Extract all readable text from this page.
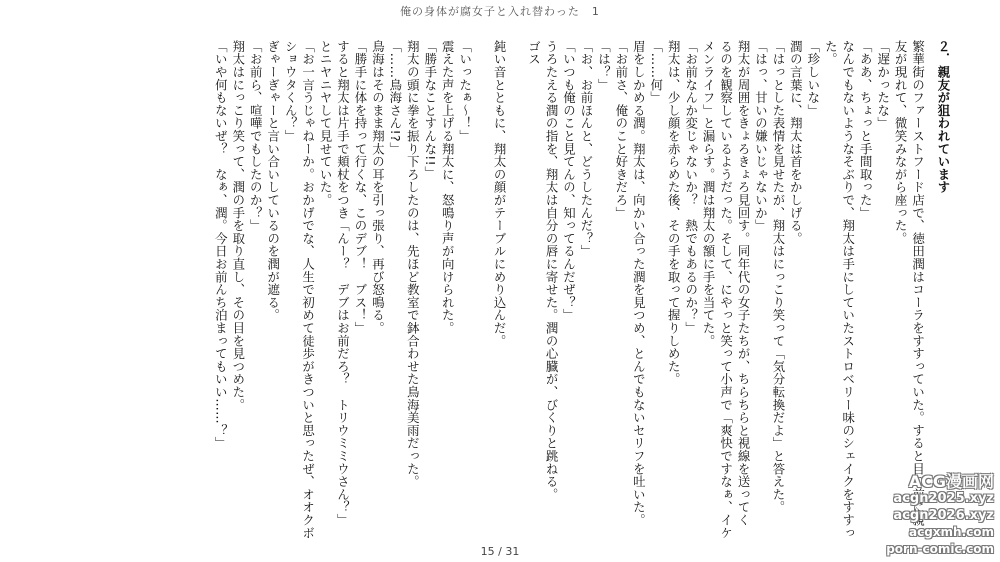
俺の身体が腐女子と入れ替わった　1

２．親友が狙われています

繁華街のファーストフード店で、徳田潤はコーラをすすっていた。すると目の前に親

友が現れて、微笑みながら座った。

「遅かったな」

「ああ、ちょっと手間取った」

なんでもないようなそぶりで、翔太は手にしていたストロベリー味のシェイクをすすっ

た。

「珍しいな」

潤の言葉に、翔太は首をかしげる。

「はっとした表情を見せたが、翔太はにっこり笑って「気分転換だよ」と答えた。

「はっ、甘いの嫌いじゃないか」

翔太が周囲をきょろきょろ見回す。同年代の女子たちが、ちらちらと視線を送ってく

るのを観察しているようだった。そして、にやっと笑って小声で「爽快ですなぁ、イケ

メンライフ」と漏らす。潤は翔太の額に手を当てた。

「お前なんか変じゃないか？　熱でもあるのか？」

翔太は、少し顔を赤らめた後、その手を取って握りしめた。

「……何」

眉をしかめる潤。翔太は、向かい合った潤を見つめ、とんでもないセリフを吐いた。

「お前さ、俺のこと好きだろ」

「は？」

「お、お前ほんと、どうしたんだ？」

「いつも俺のこと見てんの、知ってるんだぜ？」

うろたえる潤の指を、翔太は自分の唇に寄せた。潤の心臓が、びくりと跳ねる。

ゴス

鈍い音とともに、翔太の顔がテーブルにめり込んだ。

「いったぁ～！」

震えた声を上げる翔太に、怒鳴り声が向けられた。

「勝手なことすんな!!」

翔太の頭に拳を振り下ろしたのは、先ほど教室で鉢合わせた鳥海美雨だった。

「……鳥海さん!?」

鳥海はそのまま翔太の耳を引っ張り、再び怒鳴る。

「勝手に体を持って行くな、このデブ！　ブス！」

すると翔太は片手で頬杖をつき「んー？　デブはお前だろ？　トリウミミウさん？」

とニヤニヤして見せていた。

「お一言うじゃねーか。おかげでな、人生で初めて徒歩がきついと思ったぜ、オオクボ

ショウタくん？」

ぎゃーぎゃーと言い合いしているのを潤が遮る。

「お前ら、喧嘩でもしたのか？」

翔太はにっこり笑って、潤の手を取り直し、その目を見つめた。

「いや何もないぜ？　なぁ、潤。今日お前んち泊まってもいい……？」

15 / 31
ACG漫画网
acgn2025.xyz
acgn2026.xyz
acgxmh.com
porn-comic.com
